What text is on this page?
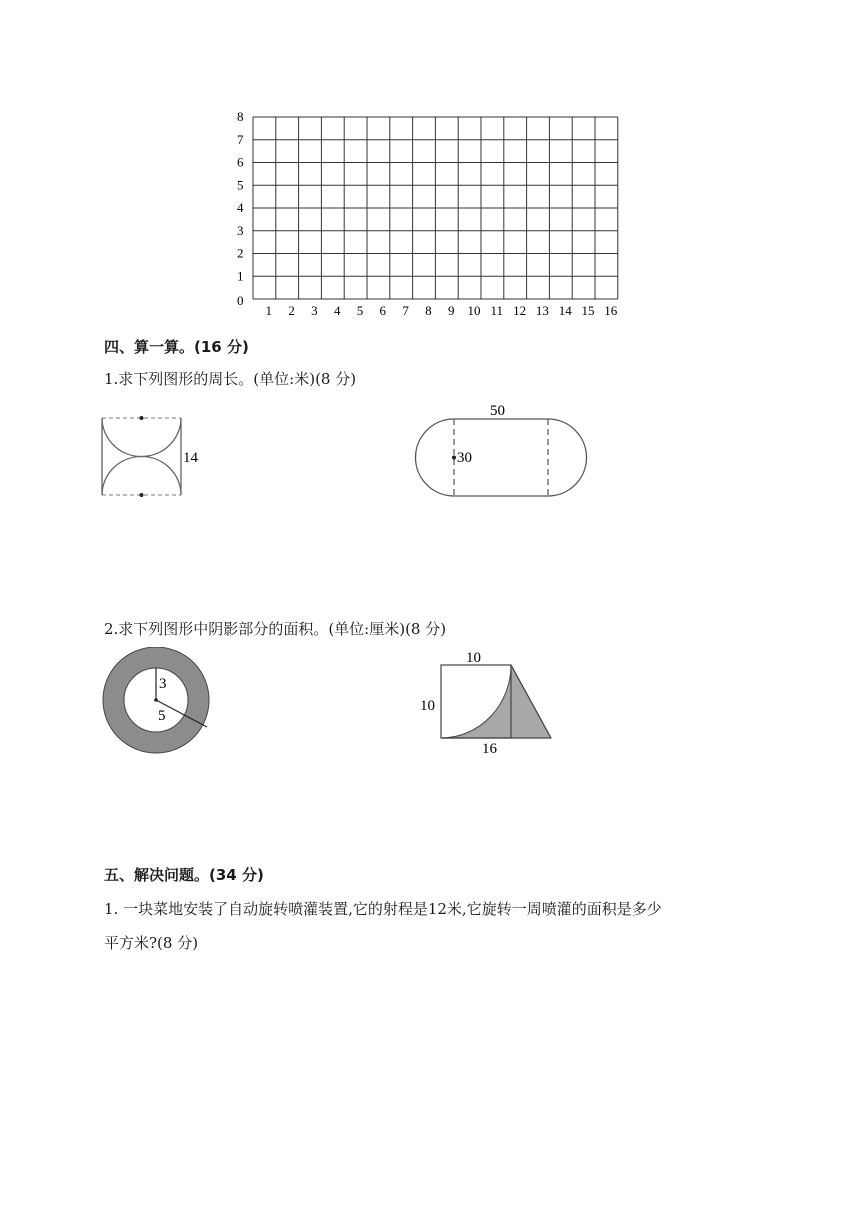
0
1
2
3
4
5
6
7
8
1 2 3 4 5 6 7 8 9 10 11 12 13 14 15 16
四、算一算。(16 分)
1.求下列图形的周长。(单位:米)(8 分)
14
50
30
2.求下列图形中阴影部分的面积。(单位:厘米)(8 分)
3
5
10
10
16
五、解决问题。(34 分)
1. 一块菜地安装了自动旋转喷灌装置,它的射程是12米,它旋转一周喷灌的面积是多少
平方米?(8 分)
